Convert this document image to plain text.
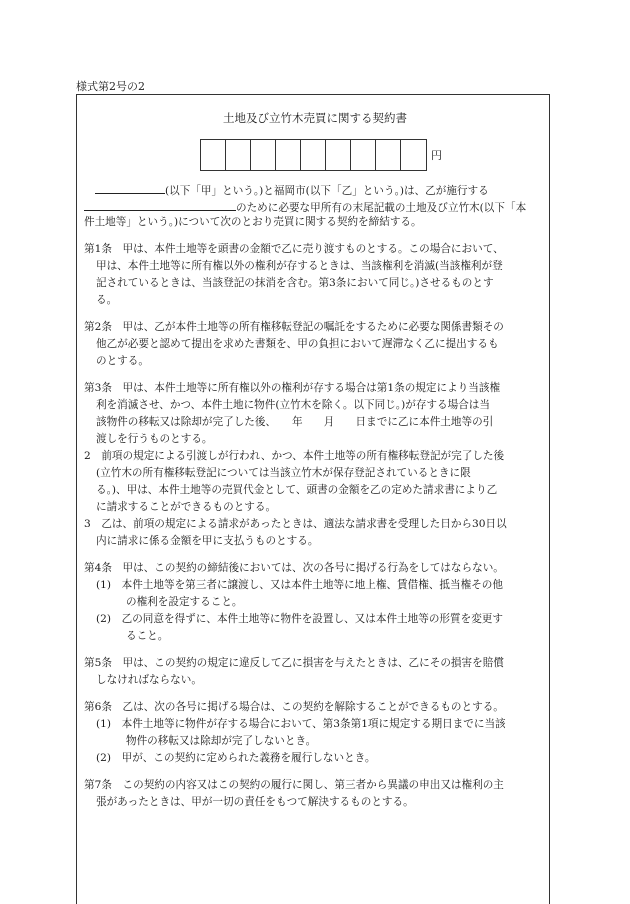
様式第2号の2
土地及び立竹木売買に関する契約書
円
(以下「甲」という。)と福岡市(以下「乙」という。)は、乙が施行する
のために必要な甲所有の末尾記載の土地及び立竹木(以下「本
件土地等」という。)について次のとおり売買に関する契約を締結する。
第1条　甲は、本件土地等を頭書の金額で乙に売り渡すものとする。この場合において、
甲は、本件土地等に所有権以外の権利が存するときは、当該権利を消滅(当該権利が登
記されているときは、当該登記の抹消を含む。第3条において同じ。)させるものとす
る。
第2条　甲は、乙が本件土地等の所有権移転登記の嘱託をするために必要な関係書類その
他乙が必要と認めて提出を求めた書類を、甲の負担において遅滞なく乙に提出するも
のとする。
第3条　甲は、本件土地等に所有権以外の権利が存する場合は第1条の規定により当該権
利を消滅させ、かつ、本件土地に物件(立竹木を除く。以下同じ。)が存する場合は当
該物件の移転又は除却が完了した後、　　年　　月　　日までに乙に本件土地等の引
渡しを行うものとする。
2　前項の規定による引渡しが行われ、かつ、本件土地等の所有権移転登記が完了した後
(立竹木の所有権移転登記については当該立竹木が保存登記されているときに限
る。)、甲は、本件土地等の売買代金として、頭書の金額を乙の定めた請求書により乙
に請求することができるものとする。
3　乙は、前項の規定による請求があったときは、適法な請求書を受理した日から30日以
内に請求に係る金額を甲に支払うものとする。
第4条　甲は、この契約の締結後においては、次の各号に掲げる行為をしてはならない。
(1)　本件土地等を第三者に譲渡し、又は本件土地等に地上権、賃借権、抵当権その他
の権利を設定すること。
(2)　乙の同意を得ずに、本件土地等に物件を設置し、又は本件土地等の形質を変更す
ること。
第5条　甲は、この契約の規定に違反して乙に損害を与えたときは、乙にその損害を賠償
しなければならない。
第6条　乙は、次の各号に掲げる場合は、この契約を解除することができるものとする。
(1)　本件土地等に物件が存する場合において、第3条第1項に規定する期日までに当該
物件の移転又は除却が完了しないとき。
(2)　甲が、この契約に定められた義務を履行しないとき。
第7条　この契約の内容又はこの契約の履行に関し、第三者から異議の申出又は権利の主
張があったときは、甲が一切の責任をもつて解決するものとする。
